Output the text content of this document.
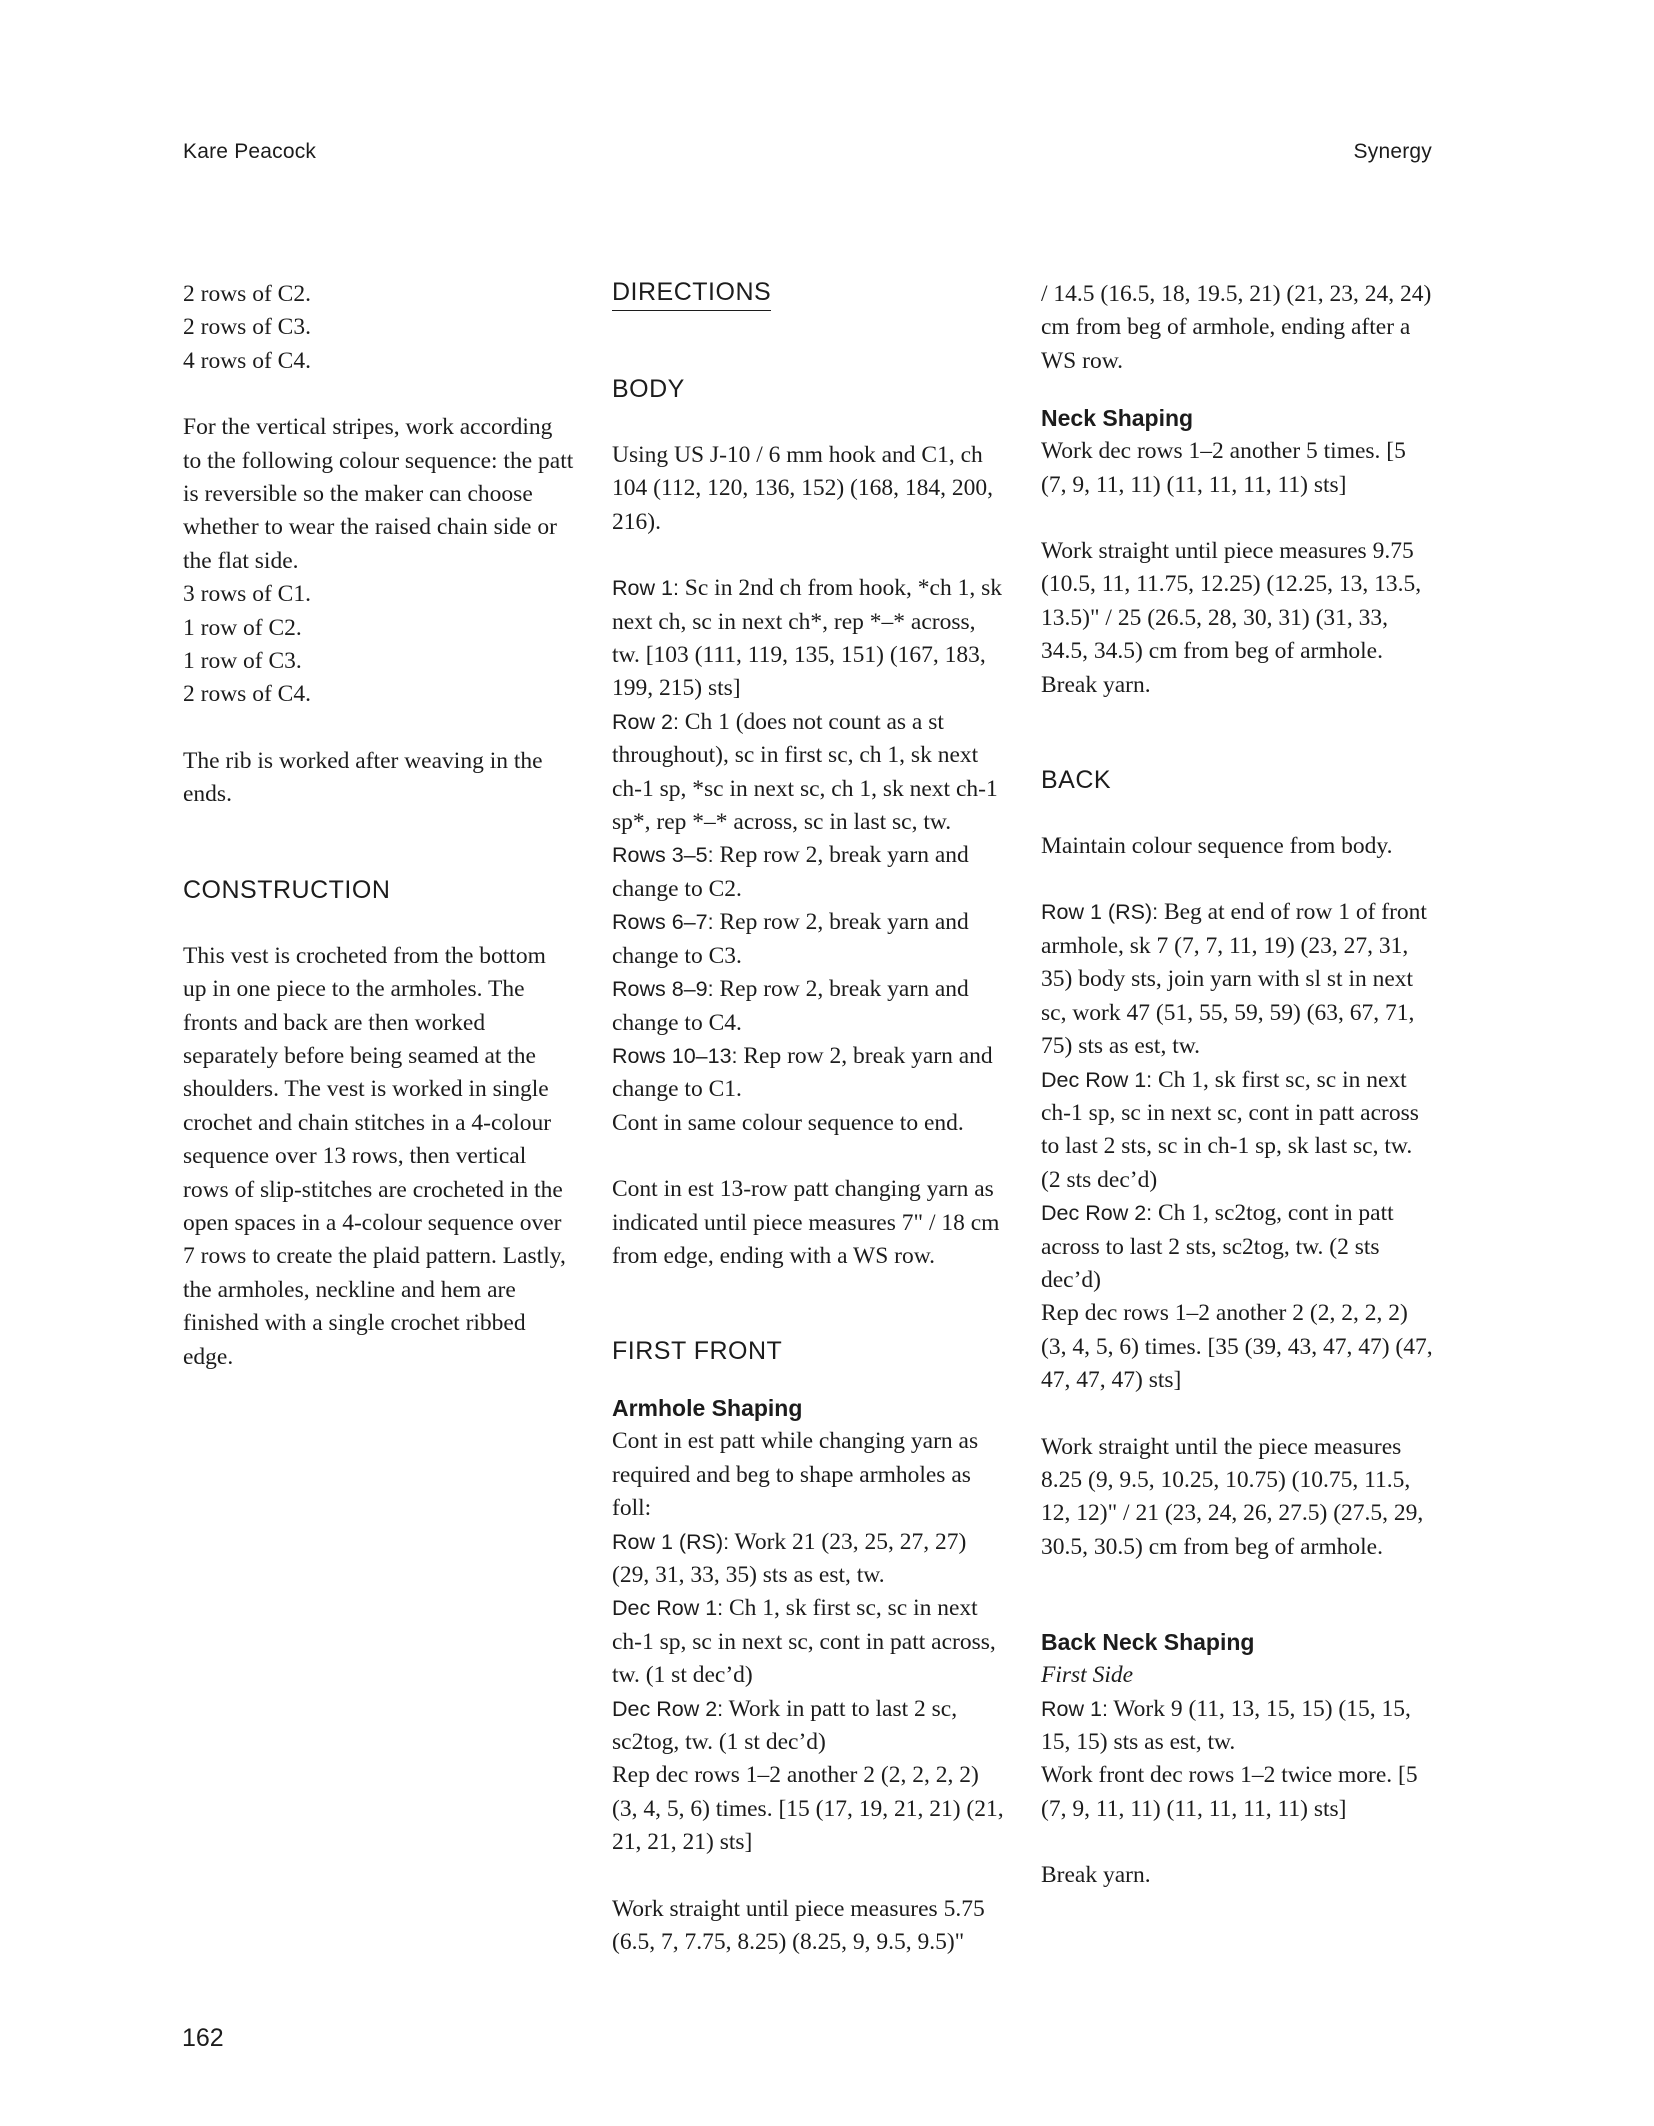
Kare Peacock	Synergy

2 rows of C2.

2 rows of C3.

4 rows of C4.

For the vertical stripes, work according to the following colour sequence: the patt is reversible so the maker can choose whether to wear the raised chain side or the flat side.

3 rows of C1.

1 row of C2.

1 row of C3.

2 rows of C4.

The rib is worked after weaving in the ends.

CONSTRUCTION

This vest is crocheted from the bottom up in one piece to the armholes. The fronts and back are then worked separately before being seamed at the shoulders. The vest is worked in single crochet and chain stitches in a 4-colour sequence over 13 rows, then vertical rows of slip-stitches are crocheted in the open spaces in a 4-colour sequence over 7 rows to create the plaid pattern. Lastly, the armholes, neckline and hem are finished with a single crochet ribbed edge.

DIRECTIONS
BODY

Using US J-10 / 6 mm hook and C1, ch 104 (112, 120, 136, 152) (168, 184, 200, 216).

Row 1: Sc in 2nd ch from hook, *ch 1, sk next ch, sc in next ch*, rep *–* across, tw. [103 (111, 119, 135, 151) (167, 183, 199, 215) sts]

Row 2: Ch 1 (does not count as a st throughout), sc in first sc, ch 1, sk next ch-1 sp, *sc in next sc, ch 1, sk next ch-1 sp*, rep *–* across, sc in last sc, tw.

Rows 3–5: Rep row 2, break yarn and change to C2.

Rows 6–7: Rep row 2, break yarn and change to C3.

Rows 8–9: Rep row 2, break yarn and change to C4.

Rows 10–13: Rep row 2, break yarn and change to C1.

Cont in same colour sequence to end.

Cont in est 13-row patt changing yarn as indicated until piece measures 7" / 18 cm from edge, ending with a WS row.

FIRST FRONT
Armhole Shaping

Cont in est patt while changing yarn as required and beg to shape armholes as foll:

Row 1 (RS): Work 21 (23, 25, 27, 27) (29, 31, 33, 35) sts as est, tw.

Dec Row 1: Ch 1, sk first sc, sc in next ch-1 sp, sc in next sc, cont in patt across, tw. (1 st dec’d)

Dec Row 2: Work in patt to last 2 sc, sc2tog, tw. (1 st dec’d)

Rep dec rows 1–2 another 2 (2, 2, 2, 2) (3, 4, 5, 6) times. [15 (17, 19, 21, 21) (21, 21, 21, 21) sts]

Work straight until piece measures 5.75 (6.5, 7, 7.75, 8.25) (8.25, 9, 9.5, 9.5)"

/ 14.5 (16.5, 18, 19.5, 21) (21, 23, 24, 24) cm from beg of armhole, ending after a WS row.

Neck Shaping

Work dec rows 1–2 another 5 times. [5 (7, 9, 11, 11) (11, 11, 11, 11) sts]

Work straight until piece measures 9.75 (10.5, 11, 11.75, 12.25) (12.25, 13, 13.5, 13.5)" / 25 (26.5, 28, 30, 31) (31, 33, 34.5, 34.5) cm from beg of armhole. Break yarn.

BACK

Maintain colour sequence from body.

Row 1 (RS): Beg at end of row 1 of front armhole, sk 7 (7, 7, 11, 19) (23, 27, 31, 35) body sts, join yarn with sl st in next sc, work 47 (51, 55, 59, 59) (63, 67, 71, 75) sts as est, tw.

Dec Row 1: Ch 1, sk first sc, sc in next ch-1 sp, sc in next sc, cont in patt across to last 2 sts, sc in ch-1 sp, sk last sc, tw. (2 sts dec’d)

Dec Row 2: Ch 1, sc2tog, cont in patt across to last 2 sts, sc2tog, tw. (2 sts dec’d)

Rep dec rows 1–2 another 2 (2, 2, 2, 2) (3, 4, 5, 6) times. [35 (39, 43, 47, 47) (47, 47, 47, 47) sts]

Work straight until the piece measures 8.25 (9, 9.5, 10.25, 10.75) (10.75, 11.5, 12, 12)" / 21 (23, 24, 26, 27.5) (27.5, 29, 30.5, 30.5) cm from beg of armhole.

Back Neck Shaping

First Side

Row 1: Work 9 (11, 13, 15, 15) (15, 15, 15, 15) sts as est, tw.

Work front dec rows 1–2 twice more. [5 (7, 9, 11, 11) (11, 11, 11, 11) sts]

Break yarn.

162
